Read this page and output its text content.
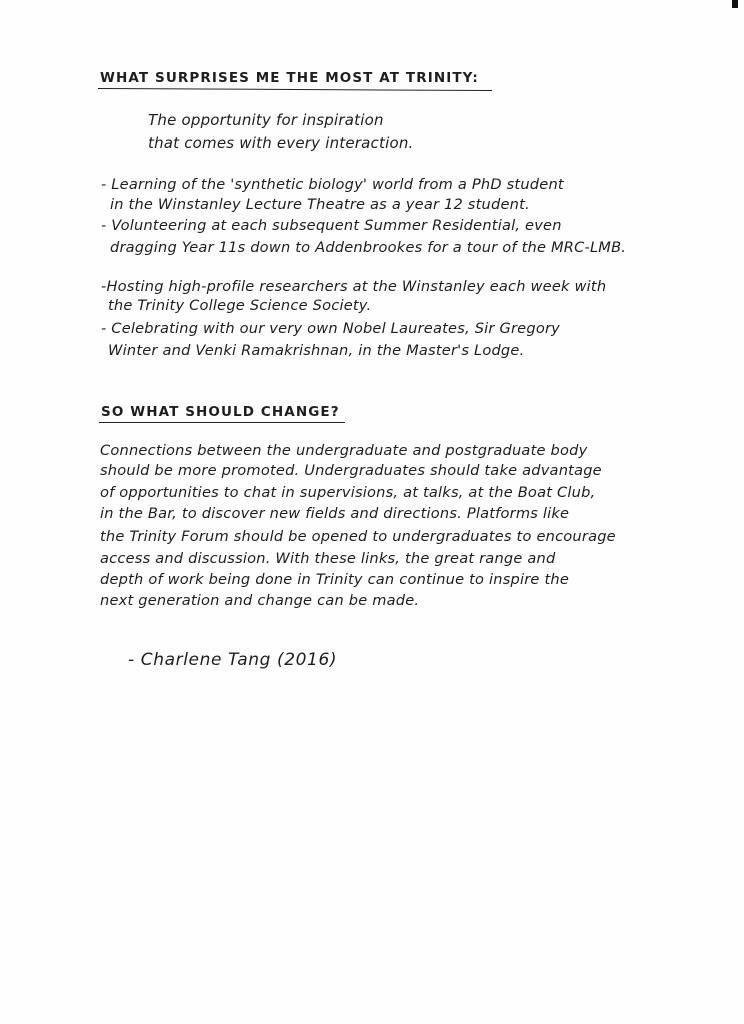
WHAT SURPRISES ME THE MOST AT TRINITY:

The opportunity for inspiration

that comes with every interaction.

- Learning of the 'synthetic biology' world from a PhD student

in the Winstanley Lecture Theatre as a year 12 student.

- Volunteering at each subsequent Summer Residential, even

dragging Year 11s down to Addenbrookes for a tour of the MRC-LMB.

-Hosting high-profile researchers at the Winstanley each week with

the Trinity College Science Society.

- Celebrating with our very own Nobel Laureates, Sir Gregory

Winter and Venki Ramakrishnan, in the Master's Lodge.

SO WHAT SHOULD CHANGE?

Connections between the undergraduate and postgraduate body

should be more promoted. Undergraduates should take advantage

of opportunities to chat in supervisions, at talks, at the Boat Club,

in the Bar, to discover new fields and directions. Platforms like

the Trinity Forum should be opened to undergraduates to encourage

access and discussion. With these links, the great range and

depth of work being done in Trinity can continue to inspire the

next generation and change can be made.

- Charlene Tang (2016)
